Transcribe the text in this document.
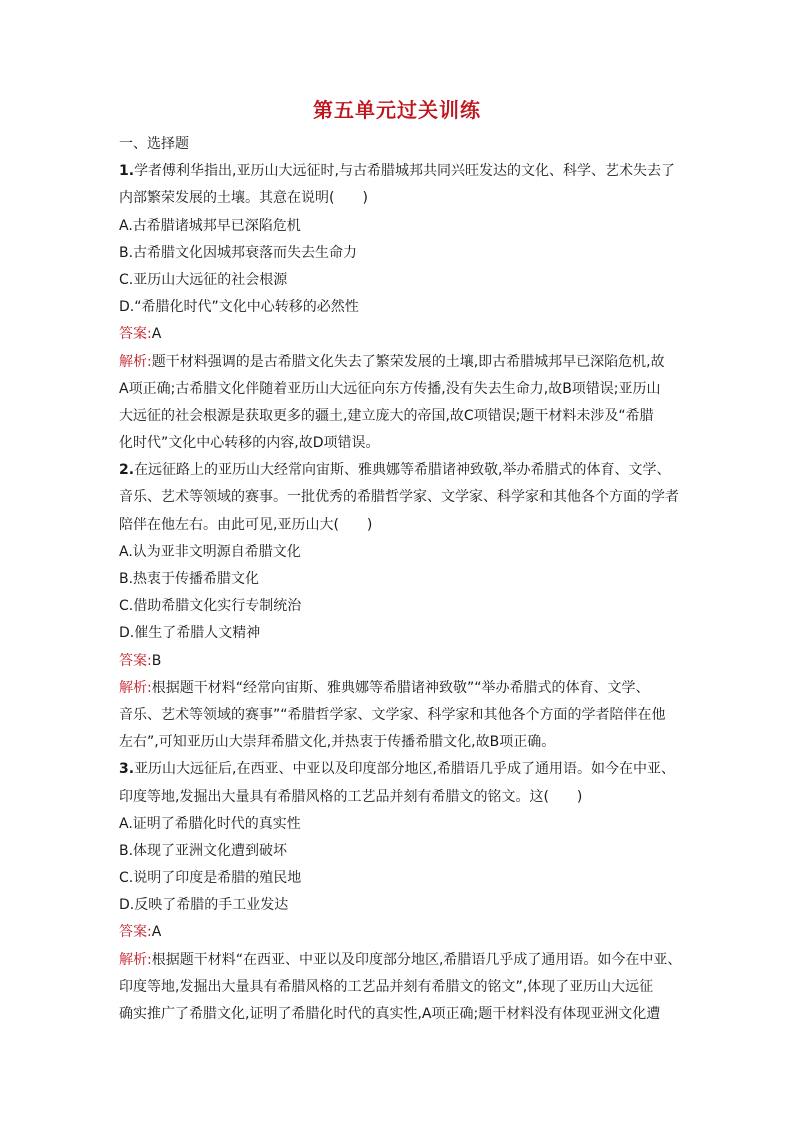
第五单元过关训练
一、选择题
1.学者傅利华指出,亚历山大远征时,与古希腊城邦共同兴旺发达的文化、科学、艺术失去了
内部繁荣发展的土壤。其意在说明(　　)
A.古希腊诸城邦早已深陷危机
B.古希腊文化因城邦衰落而失去生命力
C.亚历山大远征的社会根源
D.“希腊化时代”文化中心转移的必然性
答案:A
解析:题干材料强调的是古希腊文化失去了繁荣发展的土壤,即古希腊城邦早已深陷危机,故
A项正确;古希腊文化伴随着亚历山大远征向东方传播,没有失去生命力,故B项错误;亚历山
大远征的社会根源是获取更多的疆土,建立庞大的帝国,故C项错误;题干材料未涉及“希腊
化时代”文化中心转移的内容,故D项错误。
2.在远征路上的亚历山大经常向宙斯、雅典娜等希腊诸神致敬,举办希腊式的体育、文学、
音乐、艺术等领域的赛事。一批优秀的希腊哲学家、文学家、科学家和其他各个方面的学者
陪伴在他左右。由此可见,亚历山大(　　)
A.认为亚非文明源自希腊文化
B.热衷于传播希腊文化
C.借助希腊文化实行专制统治
D.催生了希腊人文精神
答案:B
解析:根据题干材料“经常向宙斯、雅典娜等希腊诸神致敬”“举办希腊式的体育、文学、
音乐、艺术等领域的赛事”“希腊哲学家、文学家、科学家和其他各个方面的学者陪伴在他
左右”,可知亚历山大崇拜希腊文化,并热衷于传播希腊文化,故B项正确。
3.亚历山大远征后,在西亚、中亚以及印度部分地区,希腊语几乎成了通用语。如今在中亚、
印度等地,发掘出大量具有希腊风格的工艺品并刻有希腊文的铭文。这(　　)
A.证明了希腊化时代的真实性
B.体现了亚洲文化遭到破坏
C.说明了印度是希腊的殖民地
D.反映了希腊的手工业发达
答案:A
解析:根据题干材料“在西亚、中亚以及印度部分地区,希腊语几乎成了通用语。如今在中亚、
印度等地,发掘出大量具有希腊风格的工艺品并刻有希腊文的铭文”,体现了亚历山大远征
确实推广了希腊文化,证明了希腊化时代的真实性,A项正确;题干材料没有体现亚洲文化遭
